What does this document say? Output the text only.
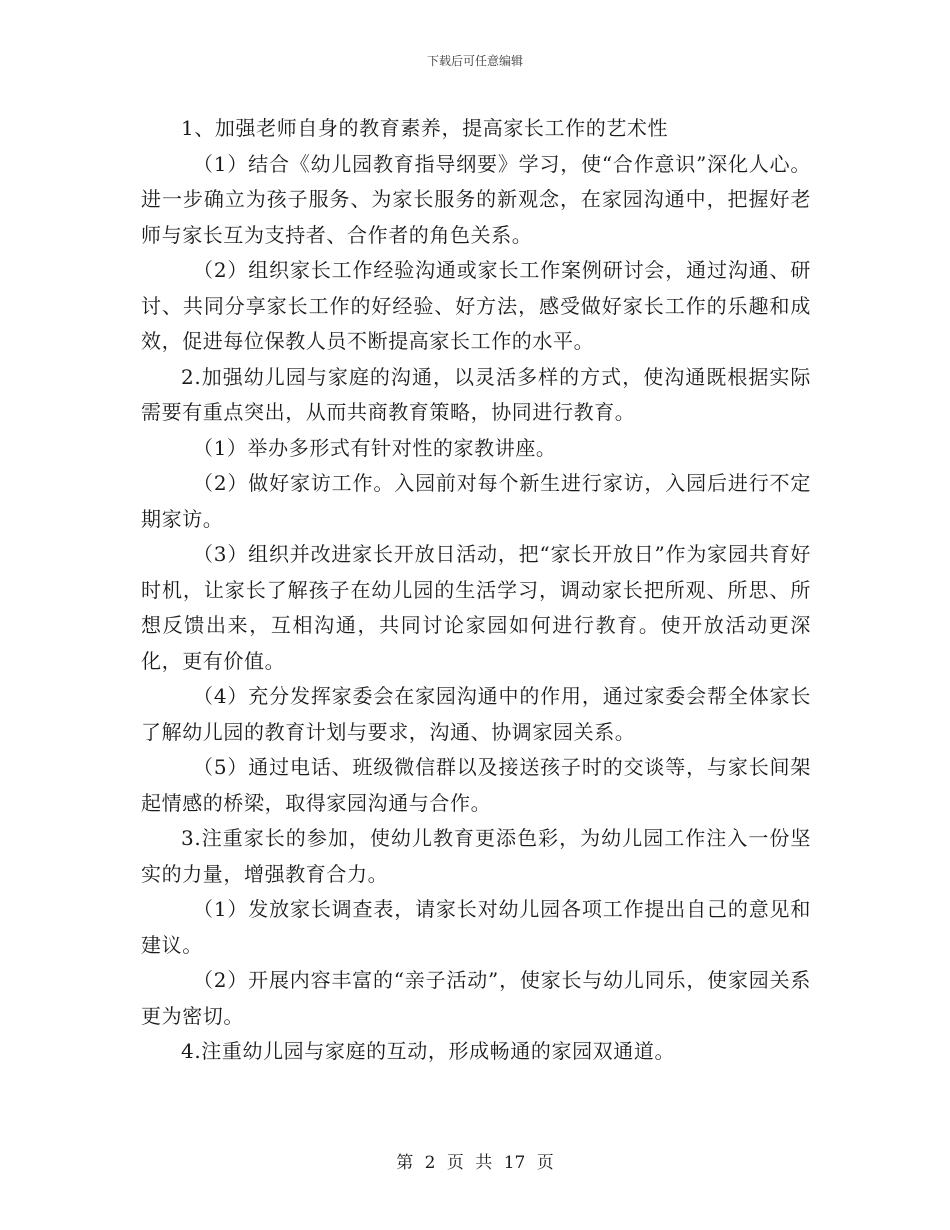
下载后可任意编辑

1、加强老师自身的教育素养，提高家长工作的艺术性

（1）结合《幼儿园教育指导纲要》学习，使“合作意识”深化人心。进一步确立为孩子服务、为家长服务的新观念，在家园沟通中，把握好老师与家长互为支持者、合作者的角色关系。

（2）组织家长工作经验沟通或家长工作案例研讨会，通过沟通、研讨、共同分享家长工作的好经验、好方法，感受做好家长工作的乐趣和成效，促进每位保教人员不断提高家长工作的水平。

2.加强幼儿园与家庭的沟通，以灵活多样的方式，使沟通既根据实际需要有重点突出，从而共商教育策略，协同进行教育。

（1）举办多形式有针对性的家教讲座。

（2）做好家访工作。入园前对每个新生进行家访，入园后进行不定期家访。

（3）组织并改进家长开放日活动，把“家长开放日”作为家园共育好时机，让家长了解孩子在幼儿园的生活学习，调动家长把所观、所思、所想反馈出来，互相沟通，共同讨论家园如何进行教育。使开放活动更深化，更有价值。

（4）充分发挥家委会在家园沟通中的作用，通过家委会帮全体家长了解幼儿园的教育计划与要求，沟通、协调家园关系。

（5）通过电话、班级微信群以及接送孩子时的交谈等，与家长间架起情感的桥梁，取得家园沟通与合作。

3.注重家长的参加，使幼儿教育更添色彩，为幼儿园工作注入一份坚实的力量，增强教育合力。

（1）发放家长调查表，请家长对幼儿园各项工作提出自己的意见和建议。

（2）开展内容丰富的“亲子活动”，使家长与幼儿同乐，使家园关系更为密切。

4.注重幼儿园与家庭的互动，形成畅通的家园双通道。

第 2 页 共 17 页
